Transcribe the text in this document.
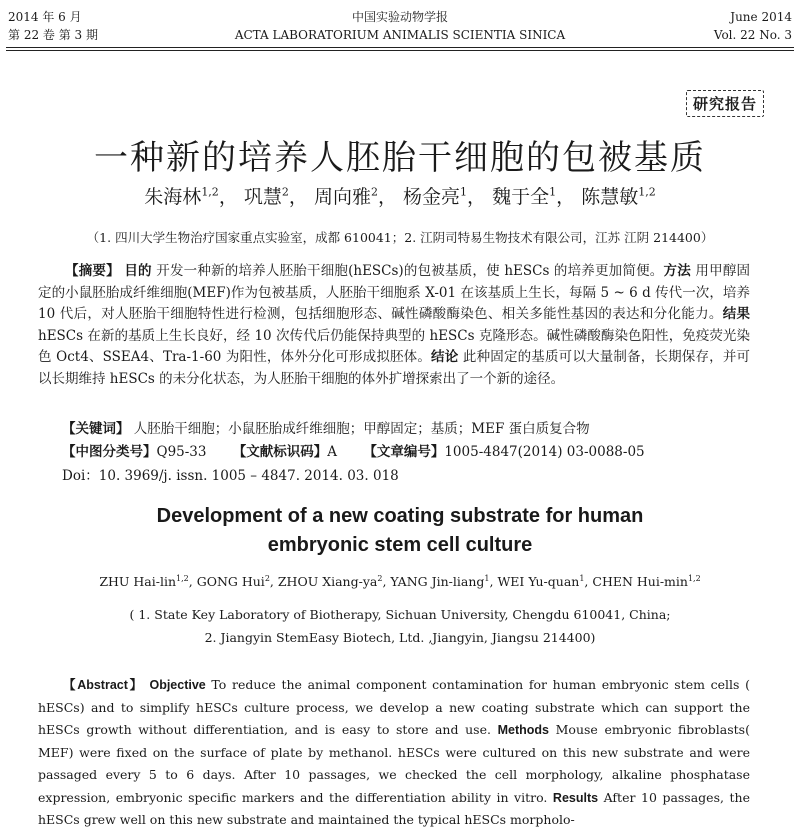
2014 年 6 月
第 22 卷 第 3 期
中国实验动物学报
ACTA LABORATORIUM ANIMALIS SCIENTIA SINICA
June 2014
Vol. 22 No. 3
研究报告
一种新的培养人胚胎干细胞的包被基质
朱海林$^{1,2}$， 巩慧$^2$， 周向雅$^2$， 杨金亮$^1$， 魏于全$^1$， 陈慧敏$^{1,2}$
（1. 四川大学生物治疗国家重点实验室，成都 610041；2. 江阴司特易生物技术有限公司，江苏 江阴 214400）
【摘要】 目的 开发一种新的培养人胚胎干细胞(hESCs)的包被基质，使 hESCs 的培养更加简便。方法 用甲醇固定的小鼠胚胎成纤维细胞(MEF)作为包被基质，人胚胎干细胞系 X-01 在该基质上生长，每隔 5 ~ 6 d 传代一次，培养 10 代后，对人胚胎干细胞特性进行检测，包括细胞形态、碱性磷酸酶染色、相关多能性基因的表达和分化能力。结果 hESCs 在新的基质上生长良好，经 10 次传代后仍能保持典型的 hESCs 克隆形态。碱性磷酸酶染色阳性，免疫荧光染色 Oct4、SSEA4、Tra-1-60 为阳性，体外分化可形成拟胚体。结论 此种固定的基质可以大量制备，长期保存，并可以长期维持 hESCs 的未分化状态，为人胚胎干细胞的体外扩增探索出了一个新的途径。
【关键词】 人胚胎干细胞；小鼠胚胎成纤维细胞；甲醇固定；基质；MEF 蛋白质复合物
【中图分类号】Q95-33 【文献标识码】A 【文章编号】1005-4847(2014) 03-0088-05
Doi：10. 3969/j. issn. 1005 – 4847. 2014. 03. 018
Development of a new coating substrate for human
embryonic stem cell culture
ZHU Hai-lin$^{1,2}$, GONG Hui$^2$, ZHOU Xiang-$ya^2$, YANG Jin-liang$^1$, WEI Yu-quan$^1$, CHEN Hui-$\min^{1,2}$
( 1. State Key Laboratory of Biotherapy, Sichuan University, Chengdu 610041, China;
2. Jiangyin StemEasy Biotech, Ltd. ,Jiangyin, Jiangsu 214400)
【Abstract】 Objective To reduce the animal component contamination for human embryonic stem cells ( hESCs) and to simplify hESCs culture process, we develop a new coating substrate which can support the hESCs growth without differentiation, and is easy to store and use. Methods Mouse embryonic fibroblasts( MEF) were fixed on the surface of plate by methanol. hESCs were cultured on this new substrate and were passaged every 5 to 6 days. After 10 passages, we checked the cell morphology, alkaline phosphatase expression, embryonic specific markers and the differentiation ability in vitro. Results After 10 passages, the hESCs grew well on this new substrate and maintained the typical hESCs morpholo-
